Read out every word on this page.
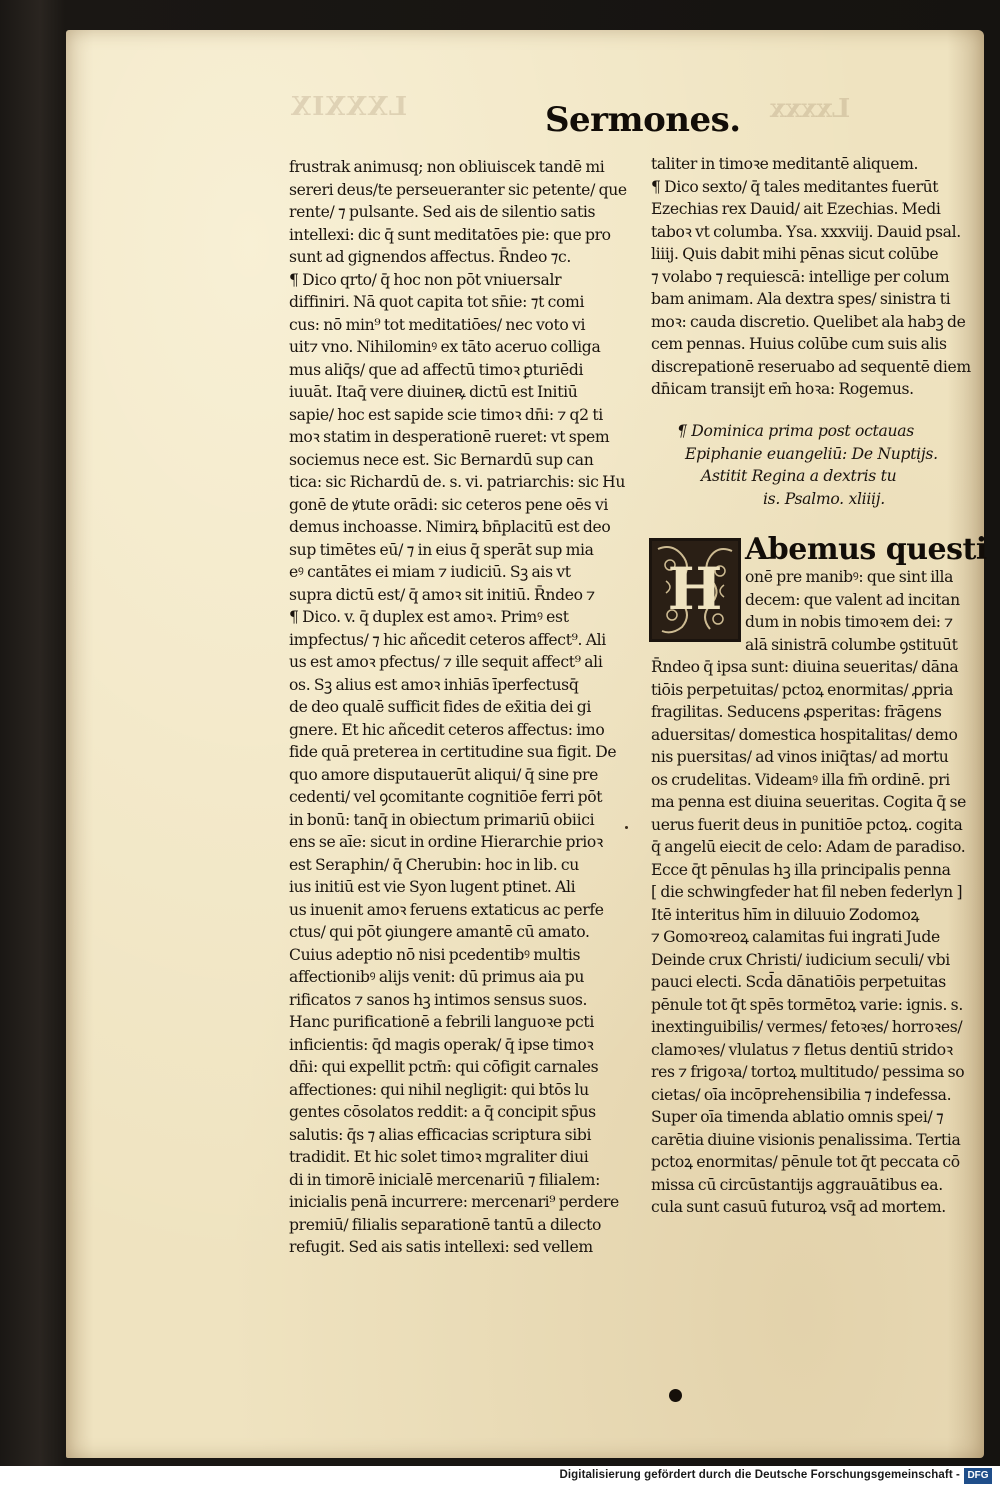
LXXXIX	Lxxxx
Sermones.
frustrak animusq; non obliuiscek tandē mi
sereri deus/te perseueranter sic petente/ que
rente/ ⁊ pulsante. Sed ais de silentio satis
intellexi: dic q̄ sunt meditatōes pie: que pro
sunt ad gignendos affectus. R̄ndeo ⁊c.
¶ Dico qrto/ q̄ hoc non pōt vniuersalr
diffiniri. Nā quot capita tot sn̄ie: ⁊t comi
cus: nō min⁹ tot meditatiōes/ nec voto vi
uit⁊ vno. Nihilominꝰ ex tāto aceruo colliga
mus aliq̄s/ que ad affectū timoꝛ ꝑturiēdi
iuuāt. Itaq̄ vere diuineꝶ dictū est Initiū
sapie/ hoc est sapide scie timoꝛ dn̄i: ⁊ q2 ti
moꝛ statim in desperationē rueret: vt spem
sociemus nece est. Sic Bernardū sup can
tica: sic Richardū de. s. vi. patriarchis: sic Hu
gonē de ꝟtute orādi: sic ceteros pene oēs vi
demus inchoasse. Nimirꝝ bn̄placitū est deo
sup timētes eū/ ⁊ in eius q̄ sperāt sup mia
eꝰ cantātes ei miam ⁊ iudiciū. Sꝫ ais vt
supra dictū est/ q̄ amoꝛ sit initiū. R̄ndeo ⁊
¶ Dico. v. q̄ duplex est amoꝛ. Primꝰ est
impfectus/ ⁊ hic añcedit ceteros affect⁹. Ali
us est amoꝛ pfectus/ ⁊ ille sequit affect⁹ ali
os. Sꝫ alius est amoꝛ inhiās īperfectusq̄
de deo qualē sufficit fides de ex̄itia dei gi
gnere. Et hic añcedit ceteros affectus: imo
fide quā preterea in certitudine sua figit. De
quo amore disputauerūt aliqui/ q̄ sine pre
cedenti/ vel ꝯcomitante cognitiōe ferri pōt
in bonū: tanq̄ in obiectum primariū obiici
ens se aīe: sicut in ordine Hierarchie prioꝛ
est Seraphin/ q̄ Cherubin: hoc in lib. cu
ius initiū est vie Syon lugent ptinet. Ali
us inuenit amoꝛ feruens extaticus ac perfe
ctus/ qui pōt ꝯiungere amantē cū amato.
Cuius adeptio nō nisi pcedentibꝰ multis
affectionibꝰ alijs venit: dū primus aia pu
rificatos ⁊ sanos hꝫ intimos sensus suos.
Hanc purificationē a febrili languoꝛe pcti
inficientis: q̄d magis operak/ q̄ ipse timoꝛ
dn̄i: qui expellit pctm̄: qui cōfigit carnales
affectiones: qui nihil negligit: qui btōs lu
gentes cōsolatos reddit: a q̄ concipit sp̄us
salutis: q̄s ⁊ alias efficacias scriptura sibi
tradidit. Et hic solet timoꝛ mgraliter diui
di in timorē inicialē mercenariū ⁊ filialem:
inicialis penā incurrere: mercenari⁹ perdere
premiū/ filialis separationē tantū a dilecto
refugit. Sed ais satis intellexi: sed vellem
taliter in timoꝛe meditantē aliquem.
¶ Dico sexto/ q̄ tales meditantes fuerūt
Ezechias rex Dauid/ ait Ezechias. Medi
taboꝛ vt columba. Ysa. xxxviij. Dauid psal.
liiij. Quis dabit mihi pēnas sicut colūbe
⁊ volabo ⁊ requiescā: intellige per colum
bam animam. Ala dextra spes/ sinistra ti
moꝛ: cauda discretio. Quelibet ala habꝫ de
cem pennas. Huius colūbe cum suis alis
discrepationē reseruabo ad sequentē diem
dn̄icam transijt em̄ hoꝛa: Rogemus.
¶ Dominica prima post octauas
Epiphanie euangeliū: De Nuptijs.
Astitit Regina a dextris tu
is. Psalmo. xliiij.
H
Abemus questi
onē pre manibꝰ: que sint illa
decem: que valent ad incitan
dum in nobis timoꝛem dei: ⁊
alā sinistrā columbe ꝯstituūt
R̄ndeo q̄ ipsa sunt: diuina seueritas/ dāna
tiōis perpetuitas/ pctoꝝ enormitas/ ꝓpria
fragilitas. Seducens ꝓsperitas: frāgens
aduersitas/ domestica hospitalitas/ demo
nis puersitas/ ad vinos iniq̄tas/ ad mortu
os crudelitas. Videamꝰ illa fm̄ ordinē. pri
ma penna est diuina seueritas. Cogita q̄ se
uerus fuerit deus in punitiōe pctoꝝ. cogita
q̄ angelū eiecit de celo: Adam de paradiso.
Ecce q̄t pēnulas hꝫ illa principalis penna
[ die schwingfeder hat fil neben federlyn ]
Itē interitus hīm in diluuio Zodomoꝝ
⁊ Gomoꝛreoꝝ calamitas fui ingrati Jude
Deinde crux Christi/ iudicium seculi/ vbi
pauci electi. Scd̄a dānatiōis perpetuitas
pēnule tot q̄t spēs tormētoꝝ varie: ignis. s.
inextinguibilis/ vermes/ fetoꝛes/ horroꝛes/
clamoꝛes/ vlulatus ⁊ fletus dentiū stridoꝛ
res ⁊ frigoꝛa/ tortoꝝ multitudo/ pessima so
cietas/ oīa incōprehensibilia ⁊ indefessa.
Super oīa timenda ablatio omnis spei/ ⁊
carētia diuine visionis penalissima. Tertia
pctoꝝ enormitas/ pēnule tot q̄t peccata cō
missa cū circūstantijs aggrauātibus ea.
cula sunt casuū futuroꝝ vsq̄ ad mortem.
Digitalisierung gefördert durch die Deutsche Forschungsgemeinschaft - DFG
